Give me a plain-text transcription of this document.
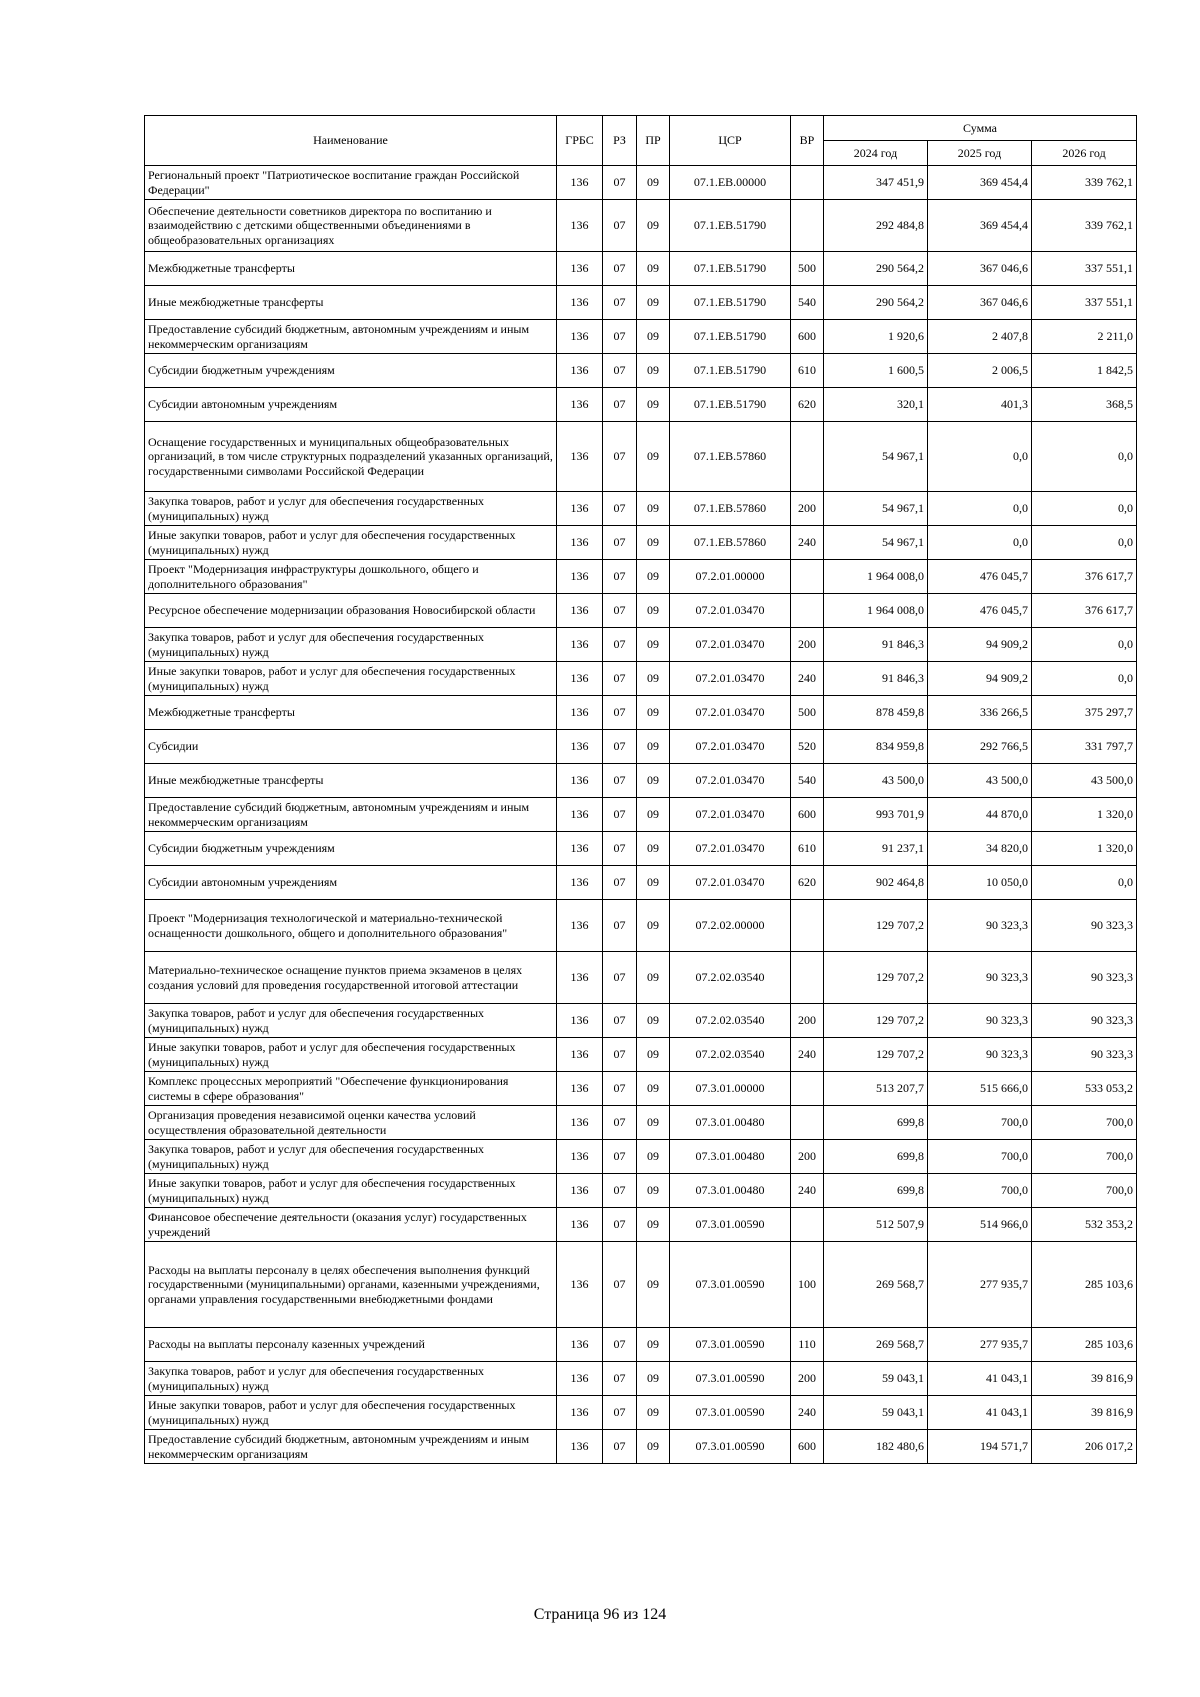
Наименование	ГРБС	РЗ	ПР	ЦСР	ВР	Сумма		
						2024 год	2025 год	2026 год
Региональный проект "Патриотическое воспитание граждан Российской Федерации"	136	07	09	07.1.ЕВ.00000		347 451,9	369 454,4	339 762,1
Обеспечение деятельности советников директора по воспитанию и взаимодействию с детскими общественными объединениями в общеобразовательных организациях	136	07	09	07.1.ЕВ.51790		292 484,8	369 454,4	339 762,1
Межбюджетные трансферты	136	07	09	07.1.ЕВ.51790	500	290 564,2	367 046,6	337 551,1
Иные межбюджетные трансферты	136	07	09	07.1.ЕВ.51790	540	290 564,2	367 046,6	337 551,1
Предоставление субсидий бюджетным, автономным учреждениям и иным некоммерческим организациям	136	07	09	07.1.ЕВ.51790	600	1 920,6	2 407,8	2 211,0
Субсидии бюджетным учреждениям	136	07	09	07.1.ЕВ.51790	610	1 600,5	2 006,5	1 842,5
Субсидии автономным учреждениям	136	07	09	07.1.ЕВ.51790	620	320,1	401,3	368,5
Оснащение государственных и муниципальных общеобразовательных организаций, в том числе структурных подразделений указанных организаций, государственными символами Российской Федерации	136	07	09	07.1.ЕВ.57860		54 967,1	0,0	0,0
Закупка товаров, работ и услуг для обеспечения государственных (муниципальных) нужд	136	07	09	07.1.ЕВ.57860	200	54 967,1	0,0	0,0
Иные закупки товаров, работ и услуг для обеспечения государственных (муниципальных) нужд	136	07	09	07.1.ЕВ.57860	240	54 967,1	0,0	0,0
Проект "Модернизация инфраструктуры дошкольного, общего и дополнительного образования"	136	07	09	07.2.01.00000		1 964 008,0	476 045,7	376 617,7
Ресурсное обеспечение модернизации образования Новосибирской области	136	07	09	07.2.01.03470		1 964 008,0	476 045,7	376 617,7
Закупка товаров, работ и услуг для обеспечения государственных (муниципальных) нужд	136	07	09	07.2.01.03470	200	91 846,3	94 909,2	0,0
Иные закупки товаров, работ и услуг для обеспечения государственных (муниципальных) нужд	136	07	09	07.2.01.03470	240	91 846,3	94 909,2	0,0
Межбюджетные трансферты	136	07	09	07.2.01.03470	500	878 459,8	336 266,5	375 297,7
Субсидии	136	07	09	07.2.01.03470	520	834 959,8	292 766,5	331 797,7
Иные межбюджетные трансферты	136	07	09	07.2.01.03470	540	43 500,0	43 500,0	43 500,0
Предоставление субсидий бюджетным, автономным учреждениям и иным некоммерческим организациям	136	07	09	07.2.01.03470	600	993 701,9	44 870,0	1 320,0
Субсидии бюджетным учреждениям	136	07	09	07.2.01.03470	610	91 237,1	34 820,0	1 320,0
Субсидии автономным учреждениям	136	07	09	07.2.01.03470	620	902 464,8	10 050,0	0,0
Проект "Модернизация технологической и материально-технической оснащенности дошкольного, общего и дополнительного образования"	136	07	09	07.2.02.00000		129 707,2	90 323,3	90 323,3
Материально-техническое оснащение пунктов приема экзаменов в целях создания условий для проведения государственной итоговой аттестации	136	07	09	07.2.02.03540		129 707,2	90 323,3	90 323,3
Закупка товаров, работ и услуг для обеспечения государственных (муниципальных) нужд	136	07	09	07.2.02.03540	200	129 707,2	90 323,3	90 323,3
Иные закупки товаров, работ и услуг для обеспечения государственных (муниципальных) нужд	136	07	09	07.2.02.03540	240	129 707,2	90 323,3	90 323,3
Комплекс процессных мероприятий "Обеспечение функционирования системы в сфере образования"	136	07	09	07.3.01.00000		513 207,7	515 666,0	533 053,2
Организация проведения независимой оценки качества условий осуществления образовательной деятельности	136	07	09	07.3.01.00480		699,8	700,0	700,0
Закупка товаров, работ и услуг для обеспечения государственных (муниципальных) нужд	136	07	09	07.3.01.00480	200	699,8	700,0	700,0
Иные закупки товаров, работ и услуг для обеспечения государственных (муниципальных) нужд	136	07	09	07.3.01.00480	240	699,8	700,0	700,0
Финансовое обеспечение деятельности (оказания услуг) государственных учреждений	136	07	09	07.3.01.00590		512 507,9	514 966,0	532 353,2
Расходы на выплаты персоналу в целях обеспечения выполнения функций государственными (муниципальными) органами, казенными учреждениями, органами управления государственными внебюджетными фондами	136	07	09	07.3.01.00590	100	269 568,7	277 935,7	285 103,6
Расходы на выплаты персоналу казенных учреждений	136	07	09	07.3.01.00590	110	269 568,7	277 935,7	285 103,6
Закупка товаров, работ и услуг для обеспечения государственных (муниципальных) нужд	136	07	09	07.3.01.00590	200	59 043,1	41 043,1	39 816,9
Иные закупки товаров, работ и услуг для обеспечения государственных (муниципальных) нужд	136	07	09	07.3.01.00590	240	59 043,1	41 043,1	39 816,9
Предоставление субсидий бюджетным, автономным учреждениям и иным некоммерческим организациям	136	07	09	07.3.01.00590	600	182 480,6	194 571,7	206 017,2
Страница 96 из 124
